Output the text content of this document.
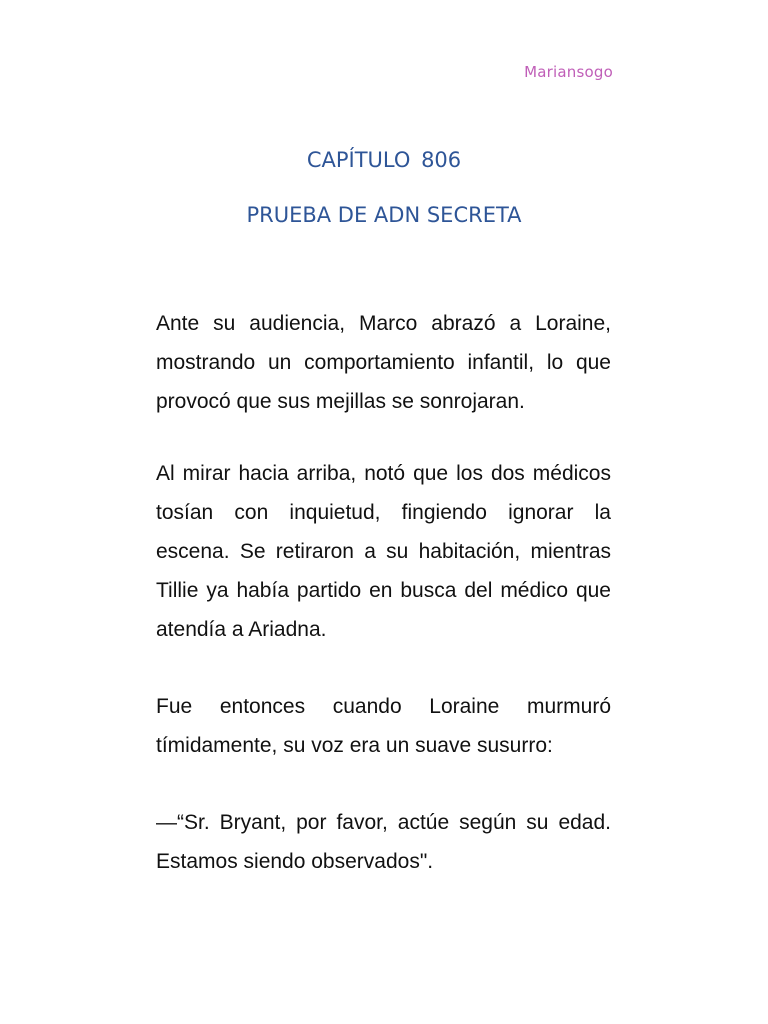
Mariansogo
CAPÍTULO 806
PRUEBA DE ADN SECRETA

Ante su audiencia, Marco abrazó a Loraine, mostrando un comportamiento infantil, lo que provocó que sus mejillas se sonrojaran.

Al mirar hacia arriba, notó que los dos médicos tosían con inquietud, fingiendo ignorar la escena. Se retiraron a su habitación, mientras Tillie ya había partido en busca del médico que atendía a Ariadna.

Fue entonces cuando Loraine murmuró tímidamente, su voz era un suave susurro:

—“Sr. Bryant, por favor, actúe según su edad. Estamos siendo observados".
